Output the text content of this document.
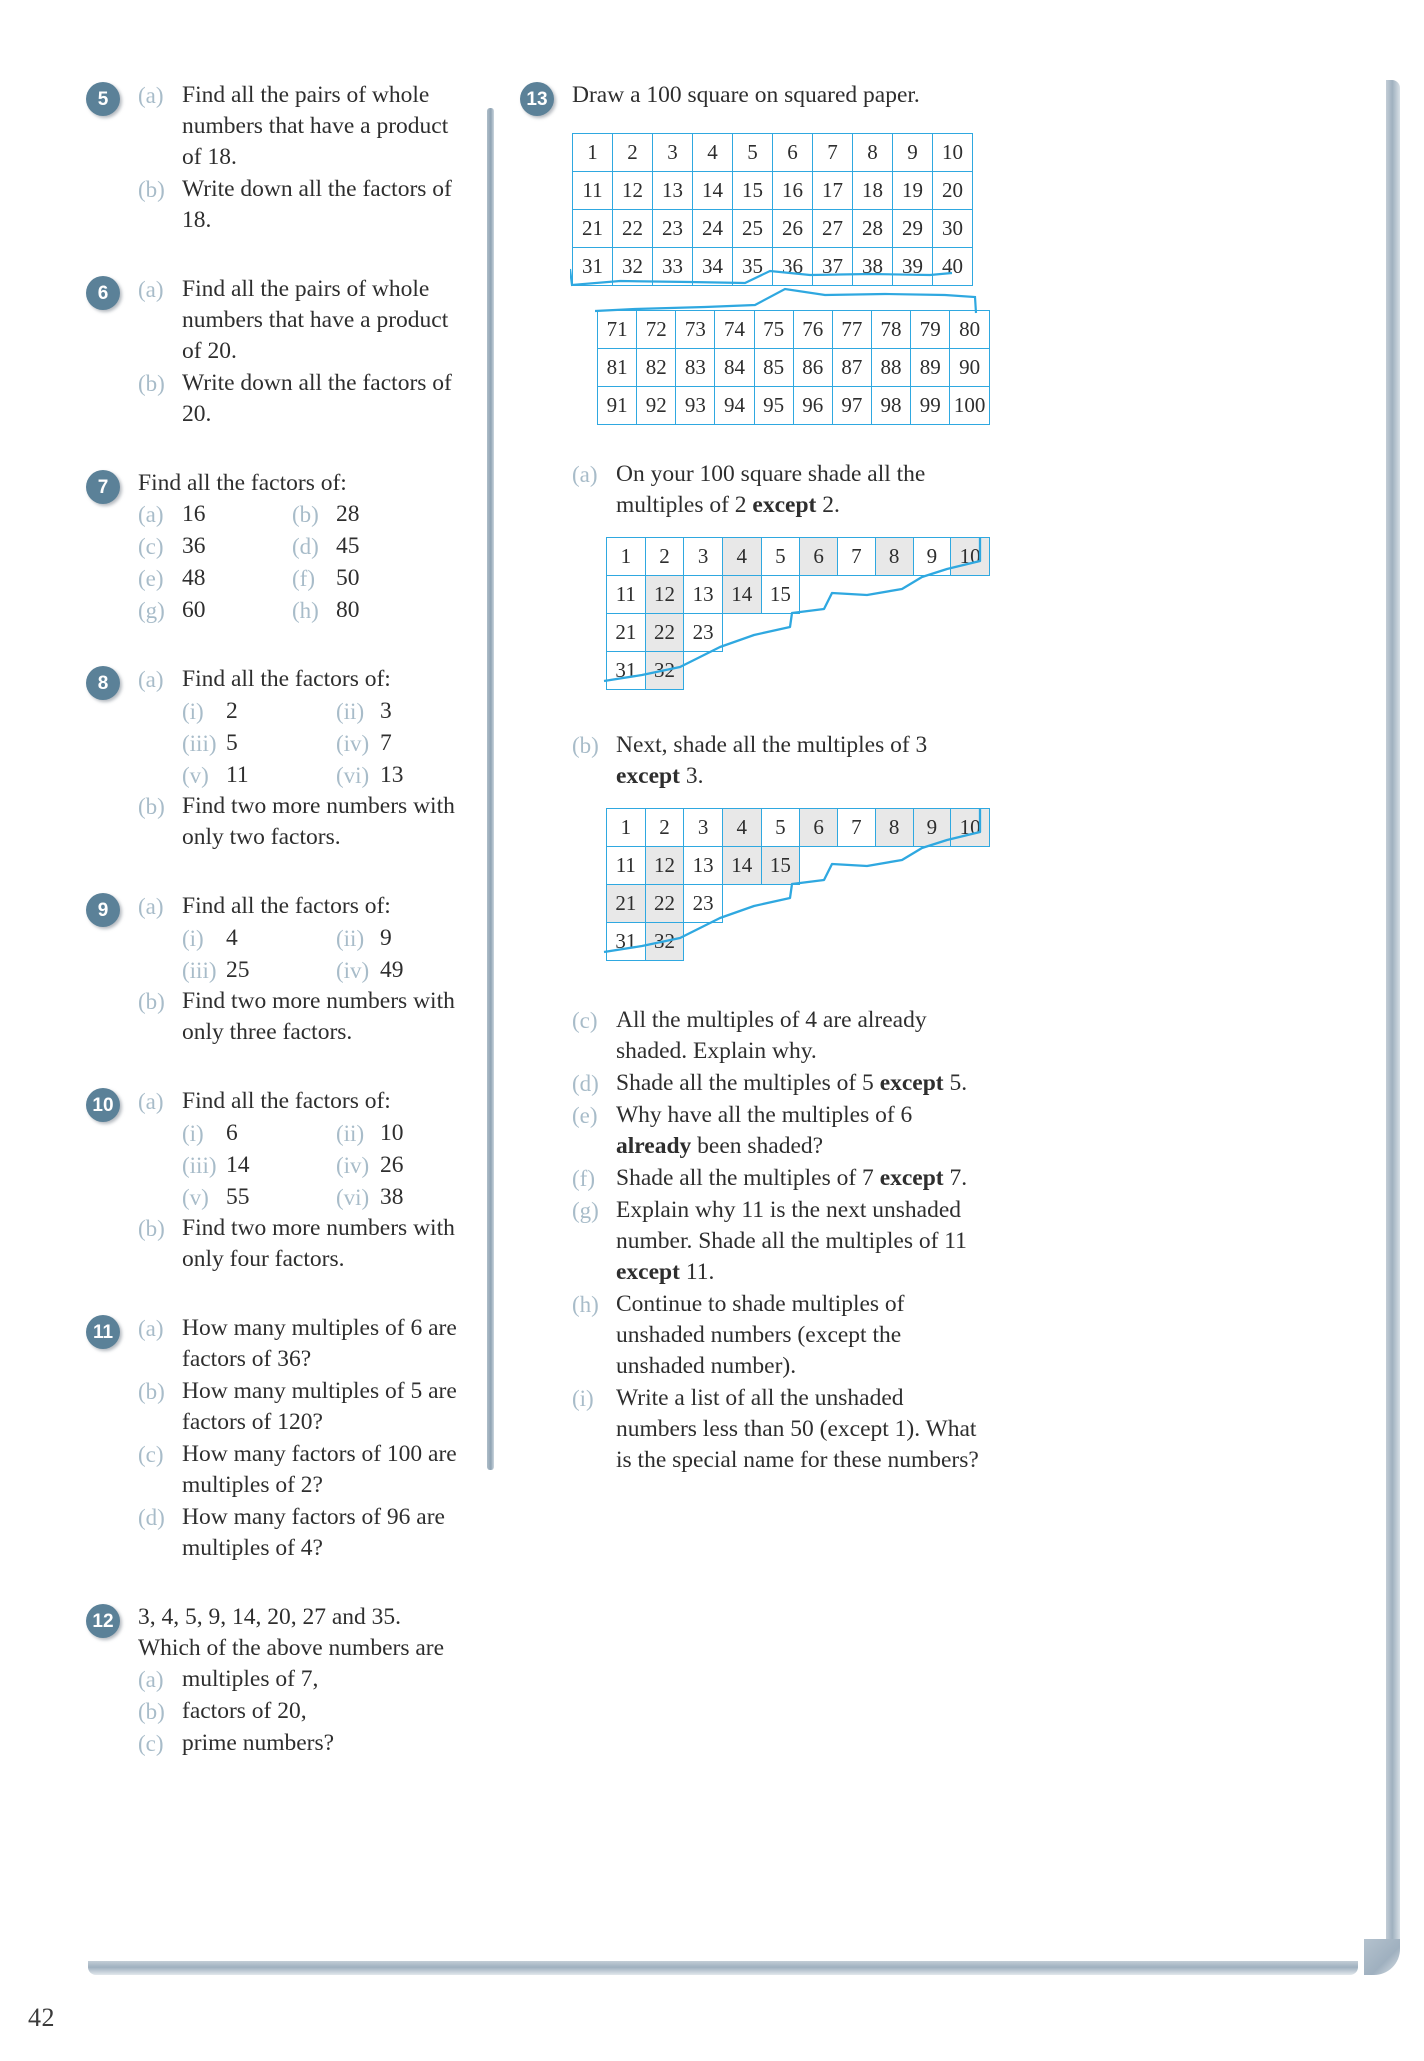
42
5	(a) Find all the pairs of whole numbers that have a product of 18.
(b) Write down all the factors of 18.
6	(a) Find all the pairs of whole numbers that have a product of 20.
(b) Write down all the factors of 20.
7	Find all the factors of:
(a) 16	(b) 28
(c) 36	(d) 45
(e) 48	(f) 50
(g) 60	(h) 80
8	(a) Find all the factors of:
(i) 2	(ii) 3
(iii) 5	(iv) 7
(v) 11	(vi) 13
(b) Find two more numbers with only two factors.
9	(a) Find all the factors of:
(i) 4	(ii) 9
(iii) 25	(iv) 49
(b) Find two more numbers with only three factors.
10 (a) Find all the factors of:
(i) 6	(ii) 10
(iii) 14	(iv) 26
(v) 55	(vi) 38
(b) Find two more numbers with only four factors.
11	(a) How many multiples of 6 are factors of 36?
(b) How many multiples of 5 are factors of 120?
(c) How many factors of 100 are multiples of 2?
(d) How many factors of 96 are multiples of 4?
12 3, 4, 5, 9, 14, 20, 27 and 35.
Which of the above numbers are
(a) multiples of 7,
(b) factors of 20,
(c) prime numbers?
13 Draw a 100 square on squared paper.
1	2	3	4	5	6	7	8	9	10
11	12	13	14	15	16	17	18	19	20
21	22	23	24	25	26	27	28	29	30
31	32	33	34	35	36	37	38	39	40
71	72	73	74	75	76	77	78	79	80
81	82	83	84	85	86	87	88	89	90
91	92	93	94	95	96	97	98	99	100
(a) On your 100 square shade all the multiples of 2 except 2.
1	2	3	4	5	6	7	8	9	10
11	12	13	14	15					
21	22	23							
31	32								
(b) Next, shade all the multiples of 3 except 3.
1	2	3	4	5	6	7	8	9	10
11	12	13	14	15					
21	22	23							
31	32								
(c) All the multiples of 4 are already shaded. Explain why.
(d) Shade all the multiples of 5 except 5.
(e) Why have all the multiples of 6 already been shaded?
(f) Shade all the multiples of 7 except 7.
(g) Explain why 11 is the next unshaded number. Shade all the multiples of 11 except 11.
(h) Continue to shade multiples of unshaded numbers (except the unshaded number).
(i) Write a list of all the unshaded numbers less than 50 (except 1). What is the special name for these numbers?
